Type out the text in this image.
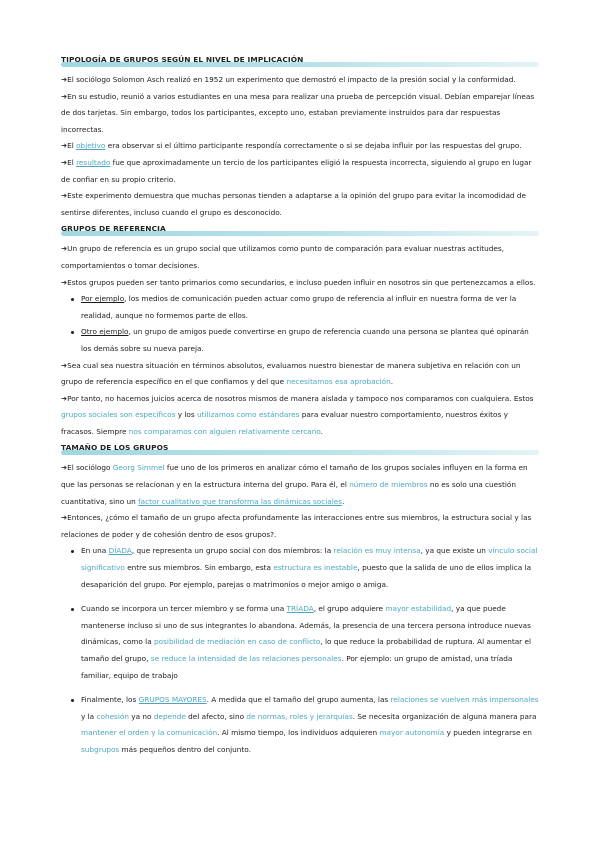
TIPOLOGÍA DE GRUPOS SEGÚN EL NIVEL DE IMPLICACIÓN

➜El sociólogo Solomon Asch realizó en 1952 un experimento que demostró el impacto de la presión social y la conformidad.

➜En su estudio, reunió a varios estudiantes en una mesa para realizar una prueba de percepción visual. Debían emparejar líneas de dos tarjetas. Sin embargo, todos los participantes, excepto uno, estaban previamente instruidos para dar respuestas incorrectas.

➜El objetivo era observar si el último participante respondía correctamente o si se dejaba influir por las respuestas del grupo.

➜El resultado fue que aproximadamente un tercio de los participantes eligió la respuesta incorrecta, siguiendo al grupo en lugar de confiar en su propio criterio.

➜Este experimento demuestra que muchas personas tienden a adaptarse a la opinión del grupo para evitar la incomodidad de sentirse diferentes, incluso cuando el grupo es desconocido.

GRUPOS DE REFERENCIA

➜Un grupo de referencia es un grupo social que utilizamos como punto de comparación para evaluar nuestras actitudes, comportamientos o tomar decisiones.

➜Estos grupos pueden ser tanto primarios como secundarios, e incluso pueden influir en nosotros sin que pertenezcamos a ellos.

Por ejemplo, los medios de comunicación pueden actuar como grupo de referencia al influir en nuestra forma de ver la realidad, aunque no formemos parte de ellos.
Otro ejemplo, un grupo de amigos puede convertirse en grupo de referencia cuando una persona se plantea qué opinarán los demás sobre su nueva pareja.

➜Sea cual sea nuestra situación en términos absolutos, evaluamos nuestro bienestar de manera subjetiva en relación con un grupo de referencia específico en el que confiamos y del que necesitamos esa aprobación.

➜Por tanto, no hacemos juicios acerca de nosotros mismos de manera aislada y tampoco nos comparamos con cualquiera. Estos grupos sociales son específicos y los utilizamos como estándares para evaluar nuestro comportamiento, nuestros éxitos y fracasos. Siempre nos comparamos con alguien relativamente cercano.

TAMAÑO DE LOS GRUPOS

➜El sociólogo Georg Simmel fue uno de los primeros en analizar cómo el tamaño de los grupos sociales influyen en la forma en que las personas se relacionan y en la estructura interna del grupo. Para él, el número de miembros no es solo una cuestión cuantitativa, sino un factor cualitativo que transforma las dinámicas sociales.

➜Entonces, ¿cómo el tamaño de un grupo afecta profundamente las interacciones entre sus miembros, la estructura social y las relaciones de poder y de cohesión dentro de esos grupos?.

En una DÍADA, que representa un grupo social con dos miembros: la relación es muy intensa, ya que existe un vínculo social significativo entre sus miembros. Sin embargo, esta estructura es inestable, puesto que la salida de uno de ellos implica la desaparición del grupo. Por ejemplo, parejas o matrimonios o mejor amigo o amiga.
Cuando se incorpora un tercer miembro y se forma una TRÍADA, el grupo adquiere mayor estabilidad, ya que puede mantenerse incluso si uno de sus integrantes lo abandona. Además, la presencia de una tercera persona introduce nuevas dinámicas, como la posibilidad de mediación en caso de conflicto, lo que reduce la probabilidad de ruptura. Al aumentar el tamaño del grupo, se reduce la intensidad de las relaciones personales. Por ejemplo: un grupo de amistad, una tríada familiar, equipo de trabajo
Finalmente, los GRUPOS MAYORES. A medida que el tamaño del grupo aumenta, las relaciones se vuelven más impersonales y la cohesión ya no depende del afecto, sino de normas, roles y jerarquías. Se necesita organización de alguna manera para mantener el orden y la comunicación. Al mismo tiempo, los individuos adquieren mayor autonomía y pueden integrarse en subgrupos más pequeños dentro del conjunto.
